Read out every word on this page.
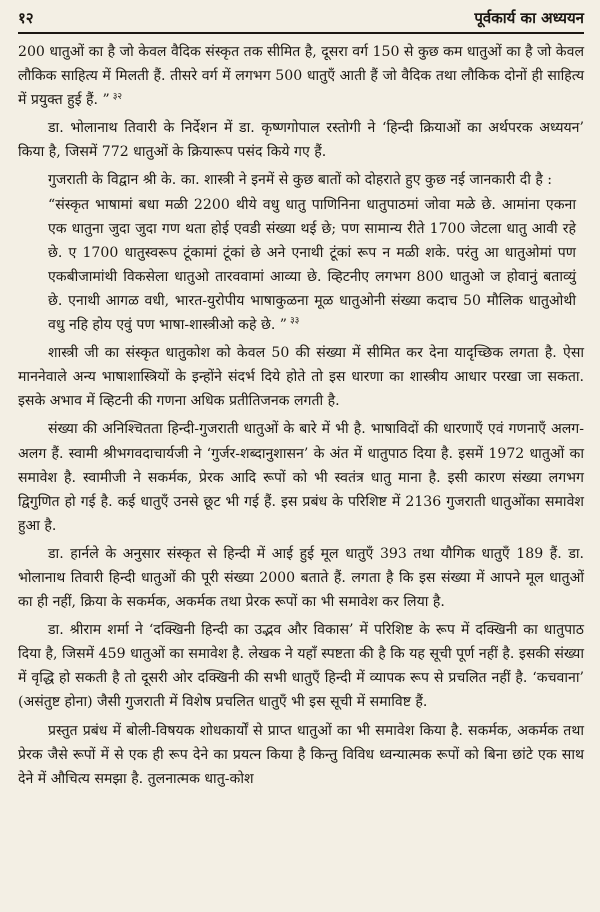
१२	पूर्वकार्य का अध्ययन

200 धातुओं का है जो केवल वैदिक संस्कृत तक सीमित है, दूसरा वर्ग 150 से कुछ कम धातुओं का है जो केवल लौकिक साहित्य में मिलती हैं. तीसरे वर्ग में लगभग 500 धातुएँ आती हैं जो वैदिक तथा लौकिक दोनों ही साहित्य में प्रयुक्त हुई हैं. ” $^{३२}$

डा. भोलानाथ तिवारी के निर्देशन में डा. कृष्णगोपाल रस्तोगी ने ‘हिन्दी क्रियाओं का अर्थपरक अध्ययन’ किया है, जिसमें 772 धातुओं के क्रियारूप पसंद किये गए हैं.

गुजराती के विद्वान श्री के. का. शास्त्री ने इनमें से कुछ बातों को दोहराते हुए कुछ नई जानकारी दी है :

“संस्कृत भाषामां बधा मळी 2200 थीये वधु धातु पाणिनिना धातुपाठमां जोवा मळे छे. आमांना एकना एक धातुना जुदा जुदा गण थता होई एवडी संख्या थई छे; पण सामान्य रीते 1700 जेटला धातु आवी रहे छे. ए 1700 धातुस्वरूप टूंकामां टूंकां छे अने एनाथी टूंकां रूप न मळी शके. परंतु आ धातुओमां पण एकबीजामांथी विकसेला धातुओ तारववामां आव्या छे. व्हिटनीए लगभग 800 धातुओ ज होवानुं बताव्युं छे. एनाथी आगळ वधी, भारत-युरोपीय भाषाकुळना मूळ धातुओनी संख्या कदाच 50 मौलिक धातुओथी वधु नहि होय एवुं पण भाषा-शास्त्रीओ कहे छे. ” $^{३३}$

शास्त्री जी का संस्कृत धातुकोश को केवल 50 की संख्या में सीमित कर देना यादृच्छिक लगता है. ऐसा माननेवाले अन्य भाषाशास्त्रियों के इन्होंने संदर्भ दिये होते तो इस धारणा का शास्त्रीय आधार परखा जा सकता. इसके अभाव में व्हिटनी की गणना अधिक प्रतीतिजनक लगती है.

संख्या की अनिश्चितता हिन्दी-गुजराती धातुओं के बारे में भी है. भाषाविदों की धारणाएँ एवं गणनाएँ अलग-अलग हैं. स्वामी श्रीभगवदाचार्यजी ने ‘गुर्जर-शब्दानुशासन’ के अंत में धातुपाठ दिया है. इसमें 1972 धातुओं का समावेश है. स्वामीजी ने सकर्मक, प्रेरक आदि रूपों को भी स्वतंत्र धातु माना है. इसी कारण संख्या लगभग द्विगुणित हो गई है. कई धातुएँ उनसे छूट भी गई हैं. इस प्रबंध के परिशिष्ट में 2136 गुजराती धातुओंका समावेश हुआ है.

डा. हार्नले के अनुसार संस्कृत से हिन्दी में आई हुई मूल धातुएँ 393 तथा यौगिक धातुएँ 189 हैं. डा. भोलानाथ तिवारी हिन्दी धातुओं की पूरी संख्या 2000 बताते हैं. लगता है कि इस संख्या में आपने मूल धातुओं का ही नहीं, क्रिया के सकर्मक, अकर्मक तथा प्रेरक रूपों का भी समावेश कर लिया है.

डा. श्रीराम शर्मा ने ‘दक्खिनी हिन्दी का उद्भव और विकास’ में परिशिष्ट के रूप में दक्खिनी का धातुपाठ दिया है, जिसमें 459 धातुओं का समावेश है. लेखक ने यहाँ स्पष्टता की है कि यह सूची पूर्ण नहीं है. इसकी संख्या में वृद्धि हो सकती है तो दूसरी ओर दक्खिनी की सभी धातुएँ हिन्दी में व्यापक रूप से प्रचलित नहीं है. ‘कचवाना’ (असंतुष्ट होना) जैसी गुजराती में विशेष प्रचलित धातुएँ भी इस सूची में समाविष्ट हैं.

प्रस्तुत प्रबंध में बोली-विषयक शोधकार्यों से प्राप्त धातुओं का भी समावेश किया है. सकर्मक, अकर्मक तथा प्रेरक जैसे रूपों में से एक ही रूप देने का प्रयत्न किया है किन्तु विविध ध्वन्यात्मक रूपों को बिना छांटे एक साथ देने में औचित्य समझा है. तुलनात्मक धातु-कोश
